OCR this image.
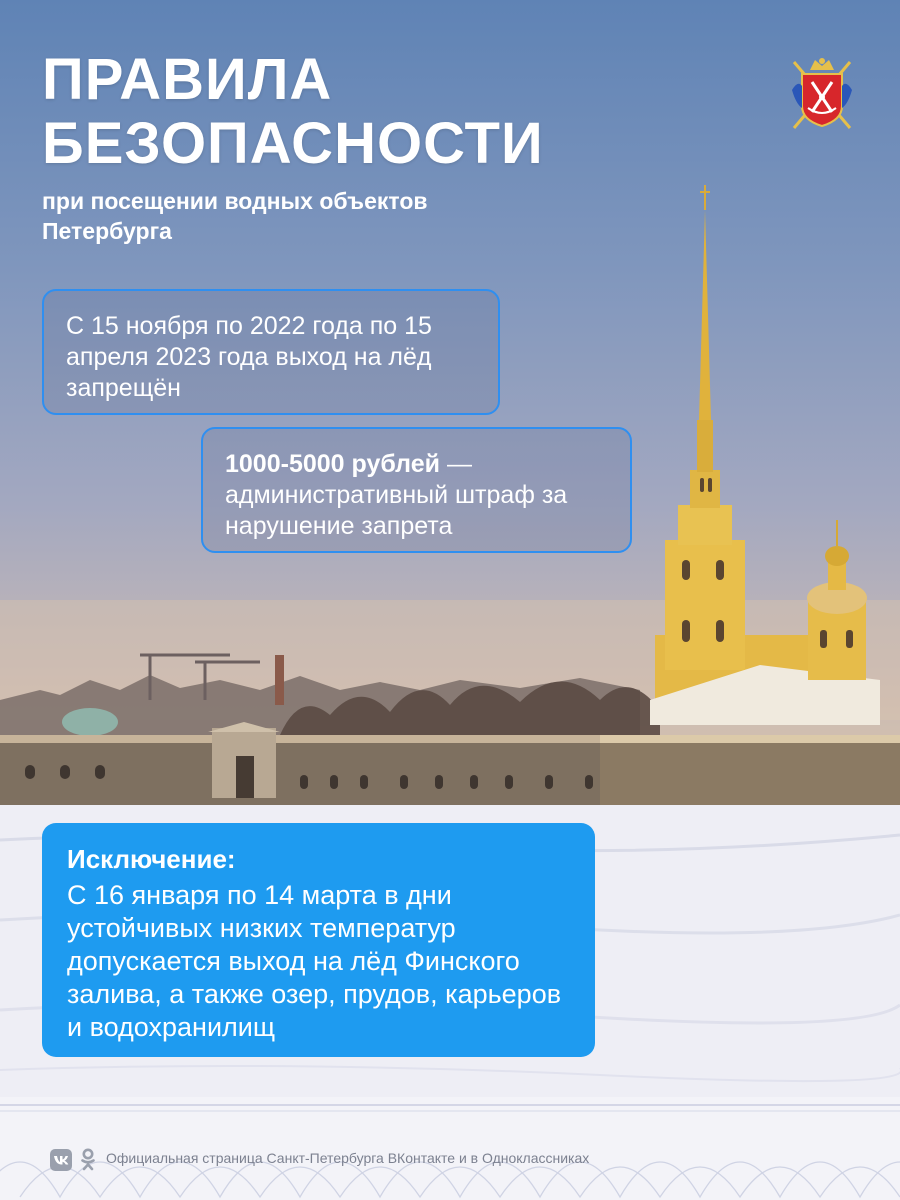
ПРАВИЛА
БЕЗОПАСНОСТИ

при посещении водных объектов Петербурга

С 15 ноября по 2022 года по 15 апреля 2023 года выход на лёд запрещён
1000-5000 рублей — административный штраф за нарушение запрета

Исключение:

С 16 января по 14 марта в дни устойчивых низких температур допускается выход на лёд Финского залива, а также озер, прудов, карьеров и водохранилищ

Официальная страница Санкт-Петербурга ВКонтакте и в Одноклассниках
